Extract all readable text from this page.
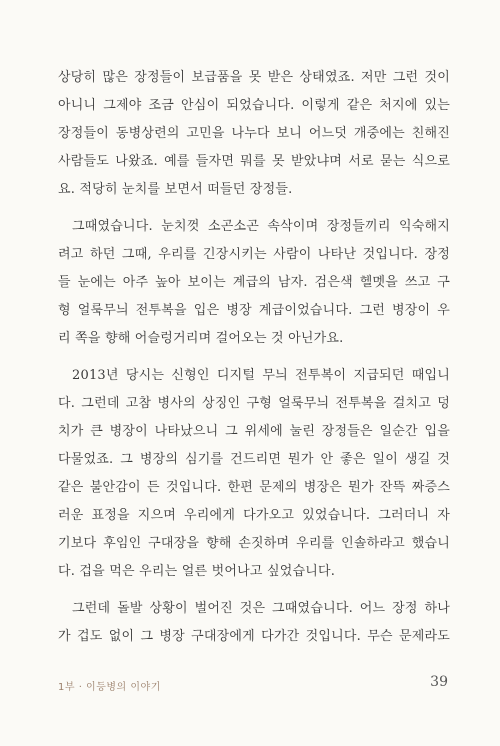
상당히 많은 장정들이 보급품을 못 받은 상태였죠. 저만 그런 것이
아니니 그제야 조금 안심이 되었습니다. 이렇게 같은 처지에 있는
장정들이 동병상련의 고민을 나누다 보니 어느덧 개중에는 친해진
사람들도 나왔죠. 예를 들자면 뭐를 못 받았냐며 서로 묻는 식으로
요. 적당히 눈치를 보면서 떠들던 장정들.

그때였습니다. 눈치껏 소곤소곤 속삭이며 장정들끼리 익숙해지
려고 하던 그때, 우리를 긴장시키는 사람이 나타난 것입니다. 장정
들 눈에는 아주 높아 보이는 계급의 남자. 검은색 헬멧을 쓰고 구
형 얼룩무늬 전투복을 입은 병장 계급이었습니다. 그런 병장이 우
리 쪽을 향해 어슬렁거리며 걸어오는 것 아닌가요.

2013년 당시는 신형인 디지털 무늬 전투복이 지급되던 때입니
다. 그런데 고참 병사의 상징인 구형 얼룩무늬 전투복을 걸치고 덩
치가 큰 병장이 나타났으니 그 위세에 눌린 장정들은 일순간 입을
다물었죠. 그 병장의 심기를 건드리면 뭔가 안 좋은 일이 생길 것
같은 불안감이 든 것입니다. 한편 문제의 병장은 뭔가 잔뜩 짜증스
러운 표정을 지으며 우리에게 다가오고 있었습니다. 그러더니 자
기보다 후임인 구대장을 향해 손짓하며 우리를 인솔하라고 했습니
다. 겁을 먹은 우리는 얼른 벗어나고 싶었습니다.

그런데 돌발 상황이 벌어진 것은 그때였습니다. 어느 장정 하나
가 겁도 없이 그 병장 구대장에게 다가간 것입니다. 무슨 문제라도

1부 · 이등병의 이야기	39
